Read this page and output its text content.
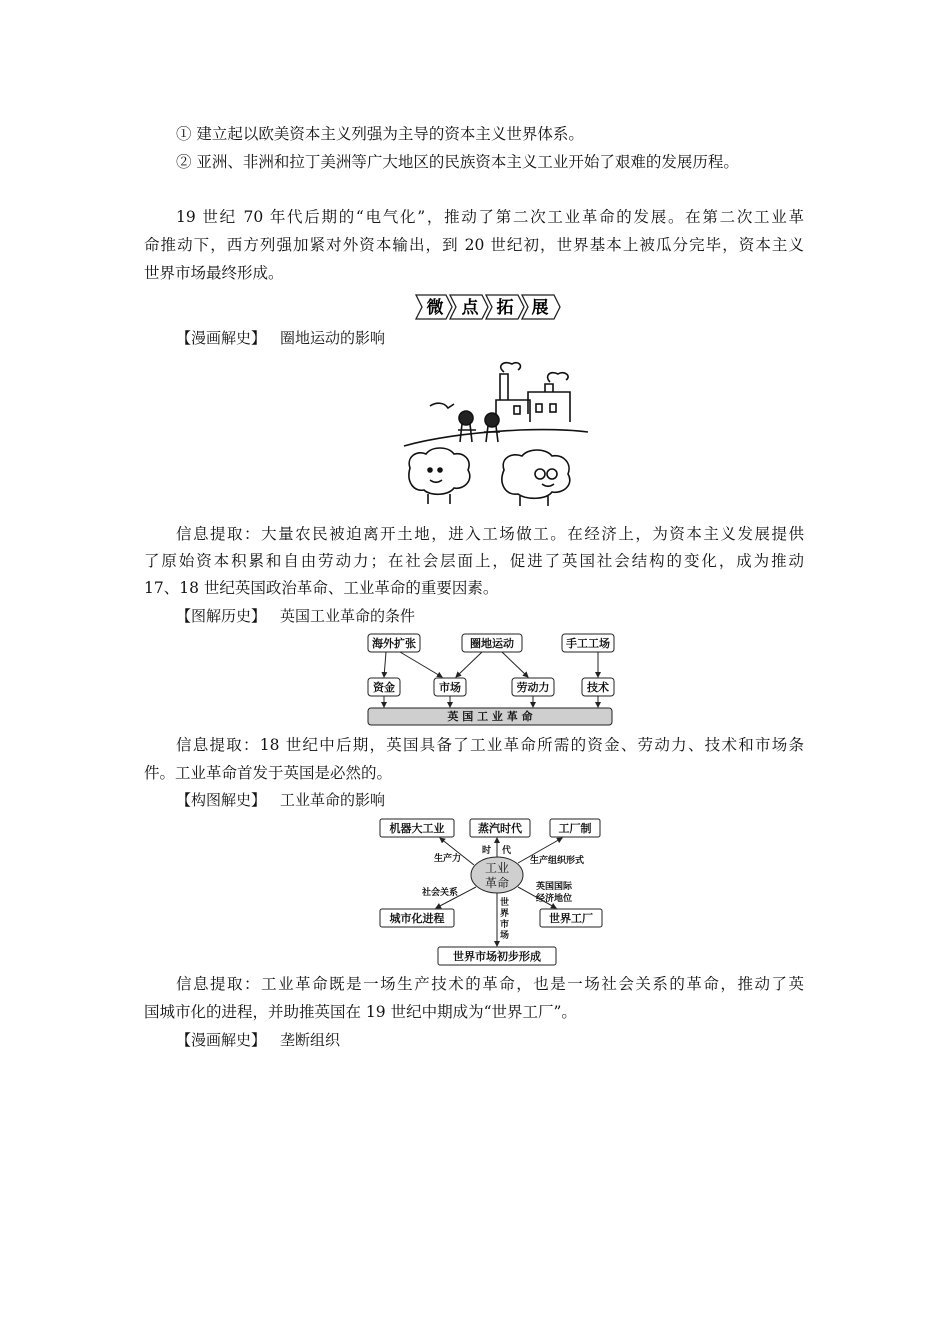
① 建立起以欧美资本主义列强为主导的资本主义世界体系。
② 亚洲、非洲和拉丁美洲等广大地区的民族资本主义工业开始了艰难的发展历程。
19 世纪 70 年代后期的“电气化”，推动了第二次工业革命的发展。在第二次工业革
命推动下，西方列强加紧对外资本输出，到 20 世纪初，世界基本上被瓜分完毕，资本主义
世界市场最终形成。
微 点 拓 展
【漫画解史】 圈地运动的影响
信息提取：大量农民被迫离开土地，进入工场做工。在经济上，为资本主义发展提供
了原始资本积累和自由劳动力；在社会层面上，促进了英国社会结构的变化，成为推动
17、18 世纪英国政治革命、工业革命的重要因素。
【图解历史】 英国工业革命的条件
海外扩张	圈地运动	手工工场
资金	市场	劳动力	技术
英 国 工 业 革 命
信息提取：18 世纪中后期，英国具备了工业革命所需的资金、劳动力、技术和市场条
件。工业革命首发于英国是必然的。
【构图解史】 工业革命的影响
机器大工业	蒸汽时代	工厂制
城市化进程	世界工厂
世界市场初步形成
工业
革命
生产力
时 代
生产组织形式
社会关系
英国国际
经济地位
世
界
市
场
信息提取：工业革命既是一场生产技术的革命，也是一场社会关系的革命，推动了英
国城市化的进程，并助推英国在 19 世纪中期成为“世界工厂”。
【漫画解史】 垄断组织
